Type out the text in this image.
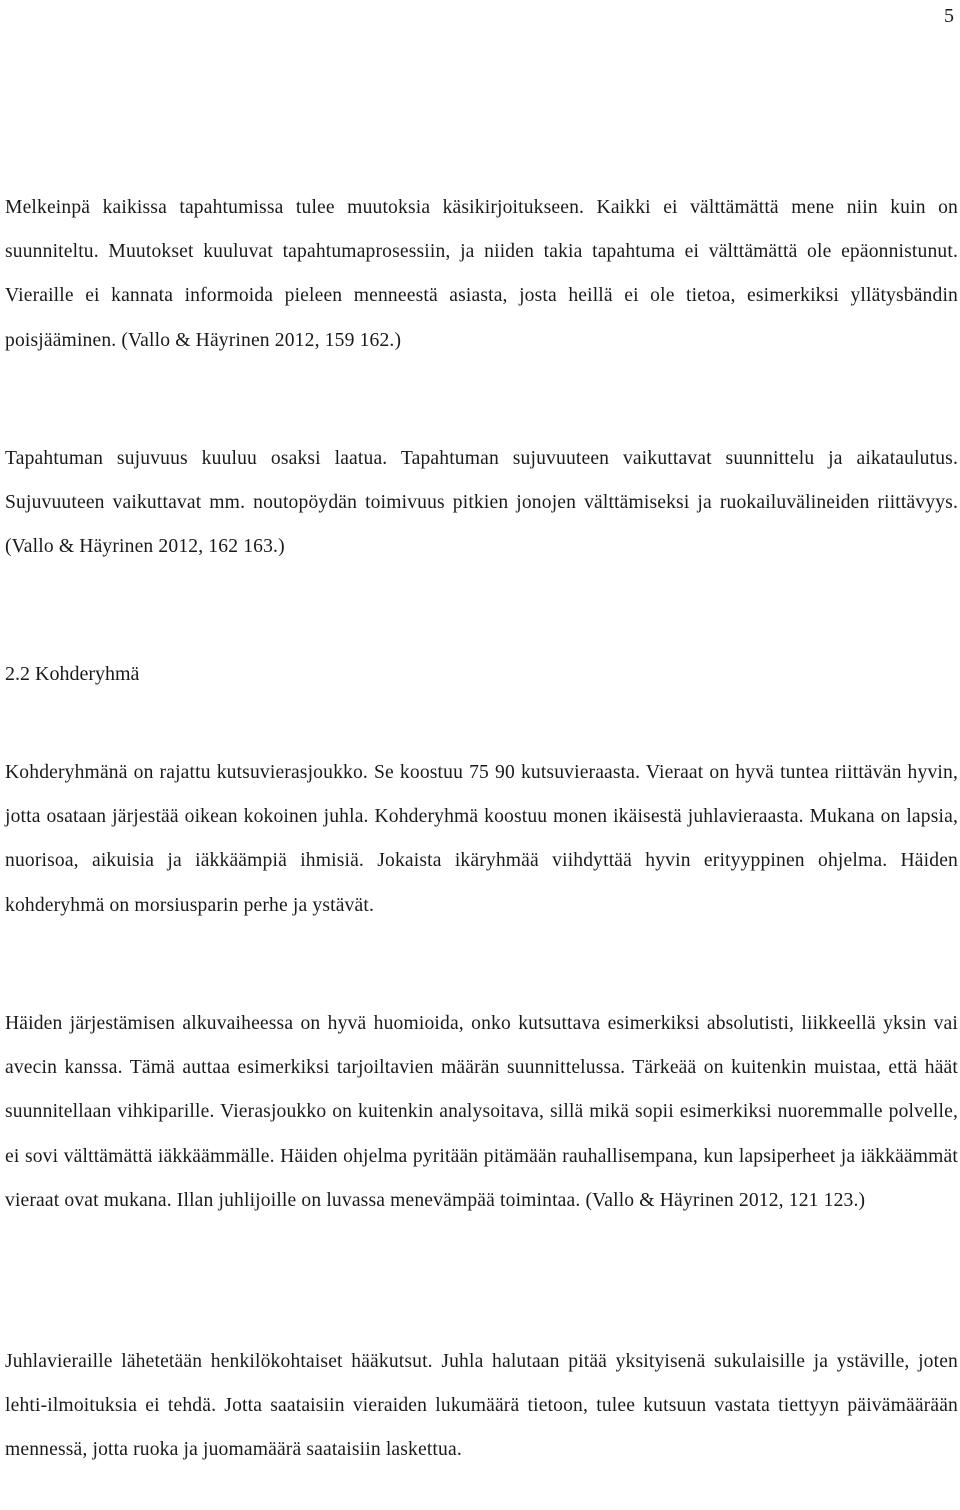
5

Melkeinpä kaikissa tapahtumissa tulee muutoksia käsikirjoitukseen. Kaikki ei välttämättä mene niin kuin on suunniteltu. Muutokset kuuluvat tapahtumaprosessiin, ja niiden takia tapahtuma ei välttämättä ole epäonnistunut. Vieraille ei kannata informoida pieleen menneestä asiasta, josta heillä ei ole tietoa, esimerkiksi yllätysbändin poisjääminen. (Vallo & Häyrinen 2012, 159 162.)

Tapahtuman sujuvuus kuuluu osaksi laatua. Tapahtuman sujuvuuteen vaikuttavat suunnittelu ja aikataulutus. Sujuvuuteen vaikuttavat mm. noutopöydän toimivuus pitkien jonojen välttämiseksi ja ruokailuvälineiden riittävyys. (Vallo & Häyrinen 2012, 162 163.)

2.2 Kohderyhmä

Kohderyhmänä on rajattu kutsuvierasjoukko. Se koostuu 75 90 kutsuvieraasta. Vieraat on hyvä tuntea riittävän hyvin, jotta osataan järjestää oikean kokoinen juhla. Kohderyhmä koostuu monen ikäisestä juhlavieraasta. Mukana on lapsia, nuorisoa, aikuisia ja iäkkäämpiä ihmisiä. Jokaista ikäryhmää viihdyttää hyvin erityyppinen ohjelma. Häiden kohderyhmä on morsiusparin perhe ja ystävät.

Häiden järjestämisen alkuvaiheessa on hyvä huomioida, onko kutsuttava esimerkiksi absolutisti, liikkeellä yksin vai avecin kanssa. Tämä auttaa esimerkiksi tarjoiltavien määrän suunnittelussa. Tärkeää on kuitenkin muistaa, että häät suunnitellaan vihkiparille. Vierasjoukko on kuitenkin analysoitava, sillä mikä sopii esimerkiksi nuoremmalle polvelle, ei sovi välttämättä iäkkäämmälle. Häiden ohjelma pyritään pitämään rauhallisempana, kun lapsiperheet ja iäkkäämmät vieraat ovat mukana. Illan juhlijoille on luvassa menevämpää toimintaa. (Vallo & Häyrinen 2012, 121 123.)

Juhlavieraille lähetetään henkilökohtaiset hääkutsut. Juhla halutaan pitää yksityisenä sukulaisille ja ystäville, joten lehti-ilmoituksia ei tehdä. Jotta saataisiin vieraiden lukumäärä tietoon, tulee kutsuun vastata tiettyyn päivämäärään mennessä, jotta ruoka ja juomamäärä saataisiin laskettua.
